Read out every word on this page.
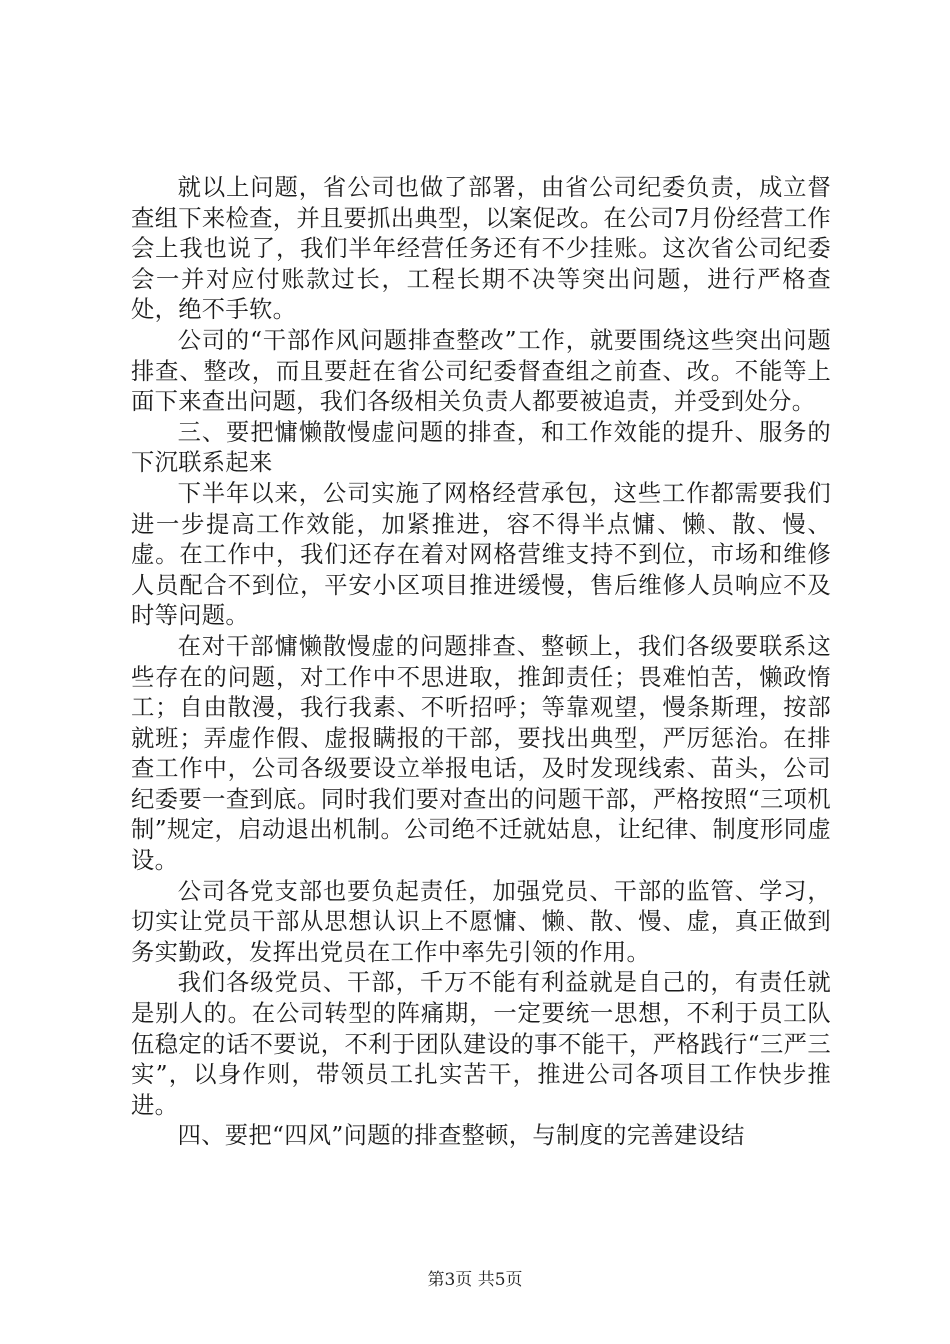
就以上问题，省公司也做了部署，由省公司纪委负责，成立督查组下来检查，并且要抓出典型，以案促改。在公司7月份经营工作会上我也说了，我们半年经营任务还有不少挂账。这次省公司纪委会一并对应付账款过长，工程长期不决等突出问题，进行严格查处，绝不手软。

公司的“干部作风问题排查整改”工作，就要围绕这些突出问题排查、整改，而且要赶在省公司纪委督查组之前查、改。不能等上面下来查出问题，我们各级相关负责人都要被追责，并受到处分。

三、要把慵懒散慢虚问题的排查，和工作效能的提升、服务的下沉联系起来

下半年以来，公司实施了网格经营承包，这些工作都需要我们进一步提高工作效能，加紧推进，容不得半点慵、懒、散、慢、虚。在工作中，我们还存在着对网格营维支持不到位，市场和维修人员配合不到位，平安小区项目推进缓慢，售后维修人员响应不及时等问题。

在对干部慵懒散慢虚的问题排查、整顿上，我们各级要联系这些存在的问题，对工作中不思进取，推卸责任；畏难怕苦，懒政惰工；自由散漫，我行我素、不听招呼；等靠观望，慢条斯理，按部就班；弄虚作假、虚报瞒报的干部，要找出典型，严厉惩治。在排查工作中，公司各级要设立举报电话，及时发现线索、苗头，公司纪委要一查到底。同时我们要对查出的问题干部，严格按照“三项机制”规定，启动退出机制。公司绝不迁就姑息，让纪律、制度形同虚设。

公司各党支部也要负起责任，加强党员、干部的监管、学习，切实让党员干部从思想认识上不愿慵、懒、散、慢、虚，真正做到务实勤政，发挥出党员在工作中率先引领的作用。

我们各级党员、干部，千万不能有利益就是自己的，有责任就是别人的。在公司转型的阵痛期，一定要统一思想，不利于员工队伍稳定的话不要说，不利于团队建设的事不能干，严格践行“三严三实”，以身作则，带领员工扎实苦干，推进公司各项目工作快步推进。

四、要把“四风”问题的排查整顿，与制度的完善建设结

第3页 共5页
